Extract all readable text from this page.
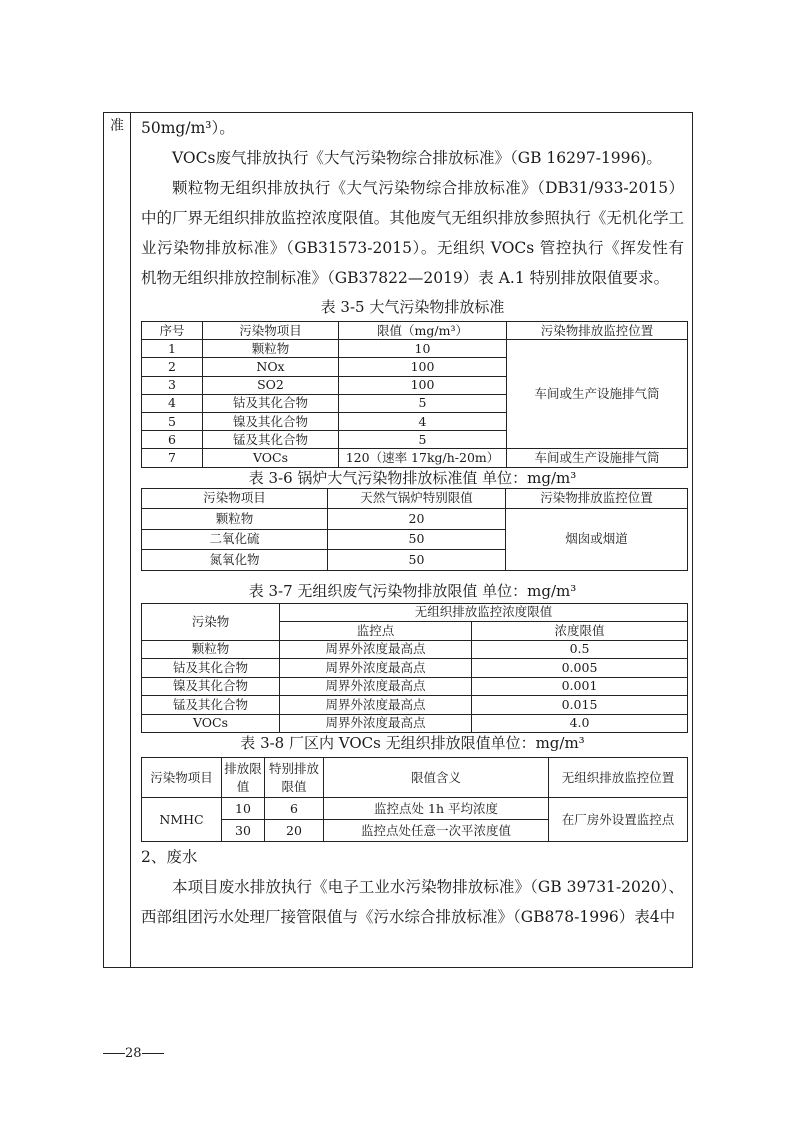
准	50mg/m³）。

VOCs废气排放执行《大气污染物综合排放标准》（GB 16297-1996)。

颗粒物无组织排放执行《大气污染物综合排放标准》（DB31/933-2015）中的厂界无组织排放监控浓度限值。其他废气无组织排放参照执行《无机化学工业污染物排放标准》（GB31573-2015）。无组织 VOCs 管控执行《挥发性有机物无组织排放控制标准》（GB37822—2019）表 A.1 特别排放限值要求。

表 3-5 大气污染物排放标准
序号	污染物项目	限值（mg/m³）	污染物排放监控位置
1	颗粒物	10	车间或生产设施排气筒
2	NOx	100	
3	SO2	100	
4	钴及其化合物	5	
5	镍及其化合物	4	
6	锰及其化合物	5	
7	VOCs	120（速率 17kg/h-20m）	车间或生产设施排气筒
表 3-6 锅炉大气污染物排放标准值 单位：mg/m³
污染物项目	天然气锅炉特别限值	污染物排放监控位置
颗粒物	20	烟囱或烟道
二氧化硫	50	
氮氧化物	50	
表 3-7 无组织废气污染物排放限值 单位：mg/m³
污染物	无组织排放监控浓度限值	
	监控点	浓度限值
颗粒物	周界外浓度最高点	0.5
钴及其化合物	周界外浓度最高点	0.005
镍及其化合物	周界外浓度最高点	0.001
锰及其化合物	周界外浓度最高点	0.015
VOCs	周界外浓度最高点	4.0
表 3-8 厂区内 VOCs 无组织排放限值单位：mg/m³
污染物项目	排放限值	特别排放限值	限值含义	无组织排放监控位置
NMHC	10	6	监控点处 1h 平均浓度	在厂房外设置监控点
	30	20	监控点处任意一次平浓度值	

2、废水

本项目废水排放执行《电子工业水污染物排放标准》（GB 39731-2020）、西部组团污水处理厂接管限值与《污水综合排放标准》（GB878-1996）表4中

28
